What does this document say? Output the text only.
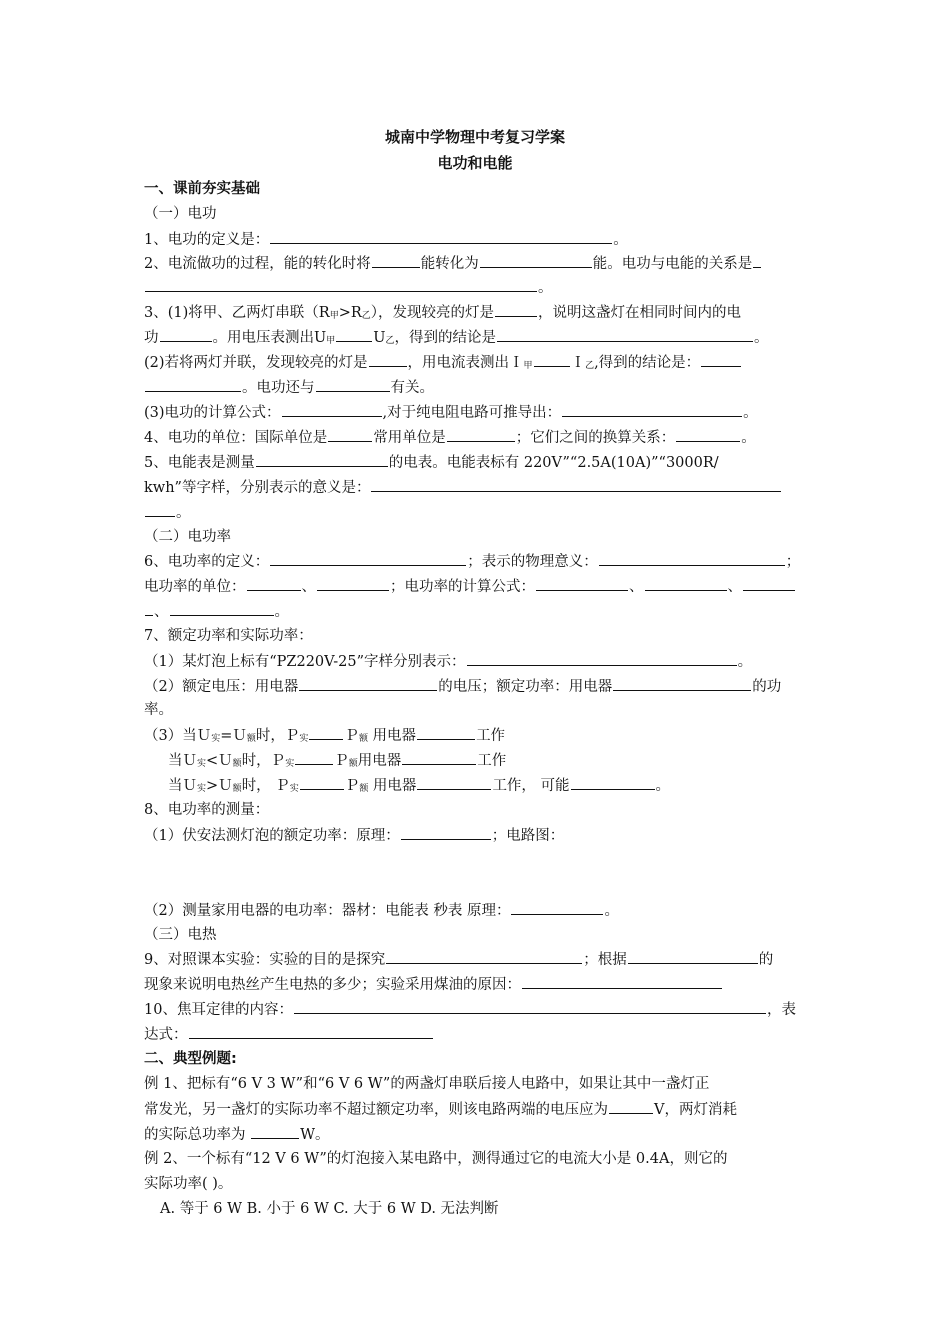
城南中学物理中考复习学案
电功和电能
一、课前夯实基础
（一）电功
1、电功的定义是：	。
2、电流做功的过程，能的转化时将	能转化为	能。电功与电能的关系是
。
3、(1)将甲、乙两灯串联$(R_甲>R_乙)$，发现较亮的灯是	，说明这盏灯在相同时间内的电
功	。用电压表测出$U_甲$	$U_乙$，得到的结论是	。
(2)若将两灯并联，发现较亮的灯是	，用电流表测出Ｉ$_甲$	Ｉ$_乙$,得到的结论是：
。电功还与	有关。
(3)电功的计算公式：	,对于纯电阻电路可推导出：	。
4、电功的单位：国际单位是	常用单位是	；它们之间的换算关系：	。
5、电能表是测量	的电表。电能表标有 220V”“2.5A(10A)”“3000R/
kwh”等字样，分别表示的意义是：
。
（二）电功率
6、电功率的定义：	；表示的物理意义：	；
电功率的单位：	、	；电功率的计算公式：	、	、
、	。
7、额定功率和实际功率：
（1）某灯泡上标有“PZ220V-25”字样分别表示：	。
（2）额定电压：用电器	的电压；额定功率：用电器	的功
率。
（3）当Ｕ$_实$=Ｕ$_额$时，Ｐ$_实$ Ｐ$_额$ 用电器	工作
当Ｕ$_实$<Ｕ$_额$时，Ｐ$_实$	Ｐ$_额$用电器	工作
当Ｕ$_实$>Ｕ$_额$时， Ｐ$_实$	Ｐ$_额$ 用电器	工作， 可能	。
8、电功率的测量：
（1）伏安法测灯泡的额定功率：原理：	；电路图：
（2）测量家用电器的电功率：器材：电能表 秒表 原理：	。
（三）电热
9、对照课本实验：实验的目的是探究	；根据	的
现象来说明电热丝产生电热的多少；实验采用煤油的原因：
10、焦耳定律的内容：	，表
达式：
二、典型例题:
例 1、把标有“6 V 3 W”和“6 V 6 W”的两盏灯串联后接人电路中，如果让其中一盏灯正
常发光，另一盏灯的实际功率不超过额定功率，则该电路两端的电压应为	V，两灯消耗
的实际总功率为	W。
例 2、一个标有“12 V 6 W”的灯泡接入某电路中，测得通过它的电流大小是 0.4A，则它的
实际功率( )。
A. 等于 6 W B. 小于 6 W C. 大于 6 W D. 无法判断
